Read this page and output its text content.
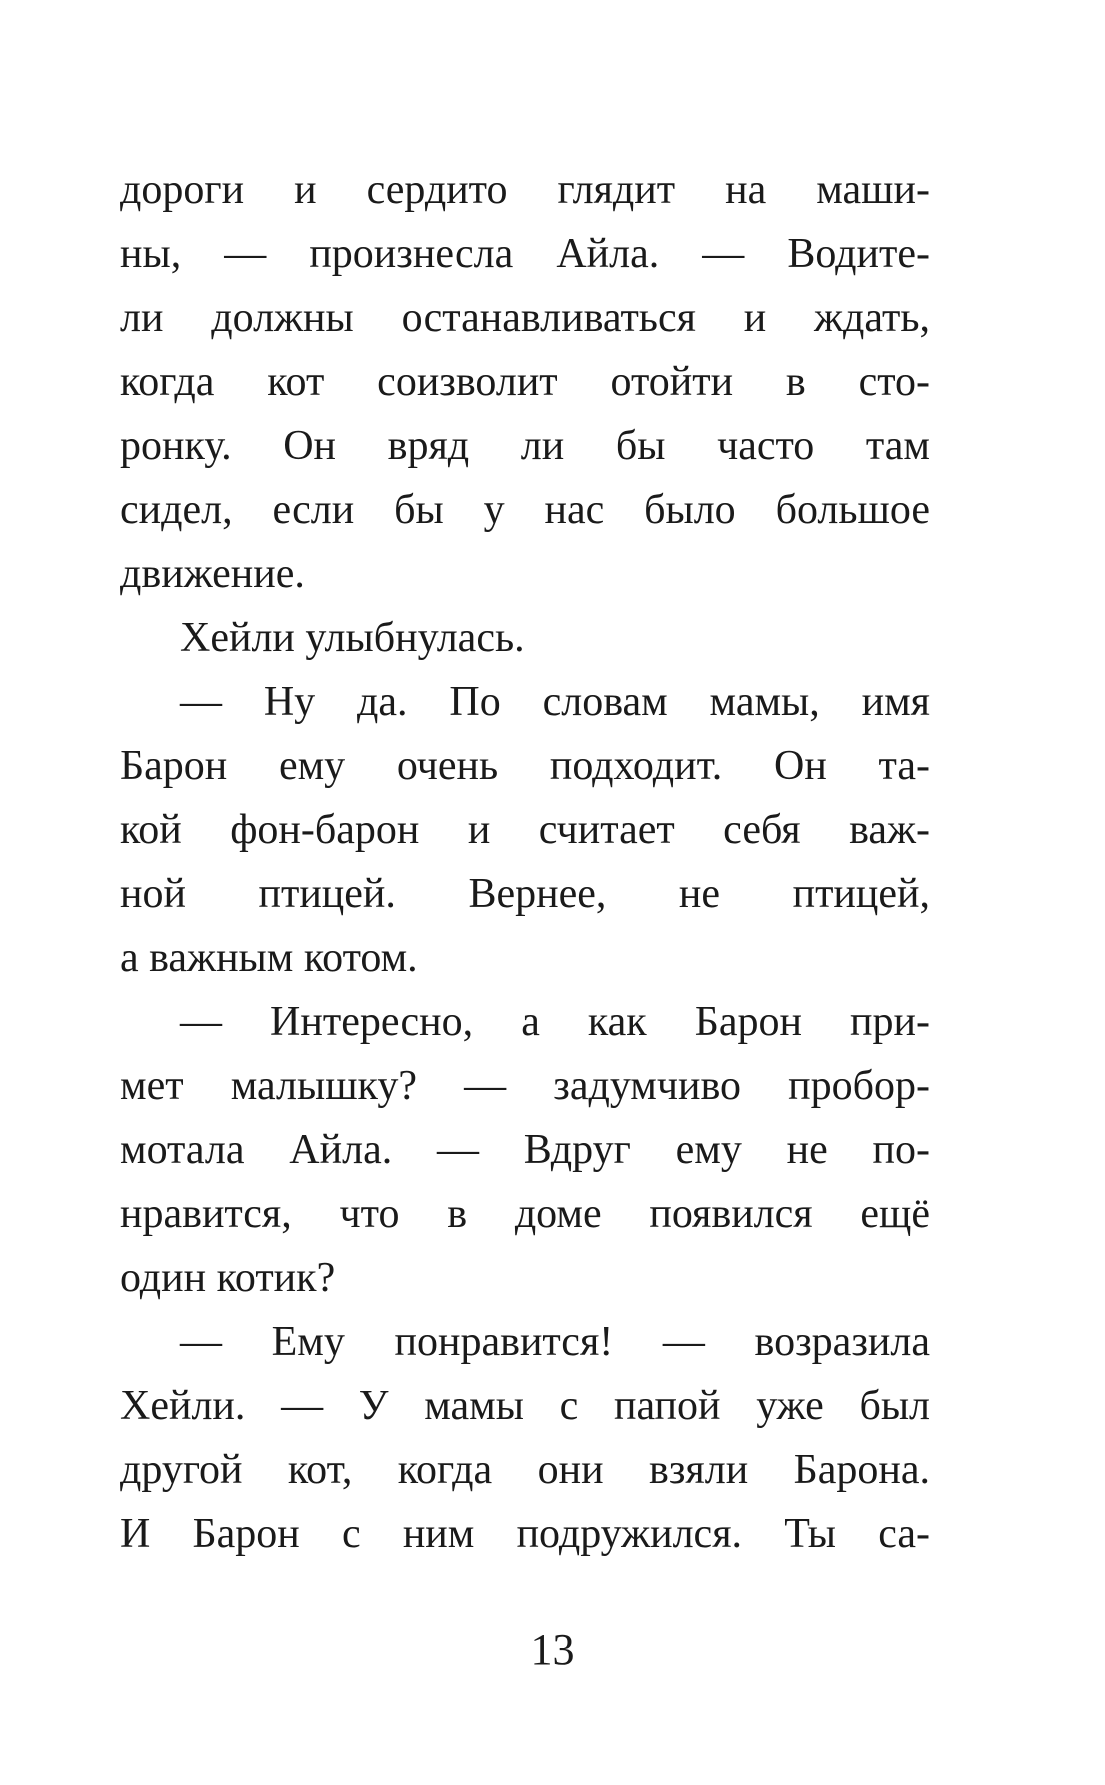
дороги и сердито глядит на маши-
ны, — произнесла Айла. — Водите-
ли должны останавливаться и ждать,
когда кот соизволит отойти в сто-
ронку. Он вряд ли бы часто там
сидел, если бы у нас было большое
движение.
Хейли улыбнулась.
— Ну да. По словам мамы, имя
Барон ему очень подходит. Он та-
кой фон-барон и считает себя важ-
ной птицей. Вернее, не птицей,
а важным котом.
— Интересно, а как Барон при-
мет малышку? — задумчиво пробор-
мотала Айла. — Вдруг ему не по-
нравится, что в доме появился ещё
один котик?
— Ему понравится! — возразила
Хейли. — У мамы с папой уже был
другой кот, когда они взяли Барона.
И Барон с ним подружился. Ты са-
13
